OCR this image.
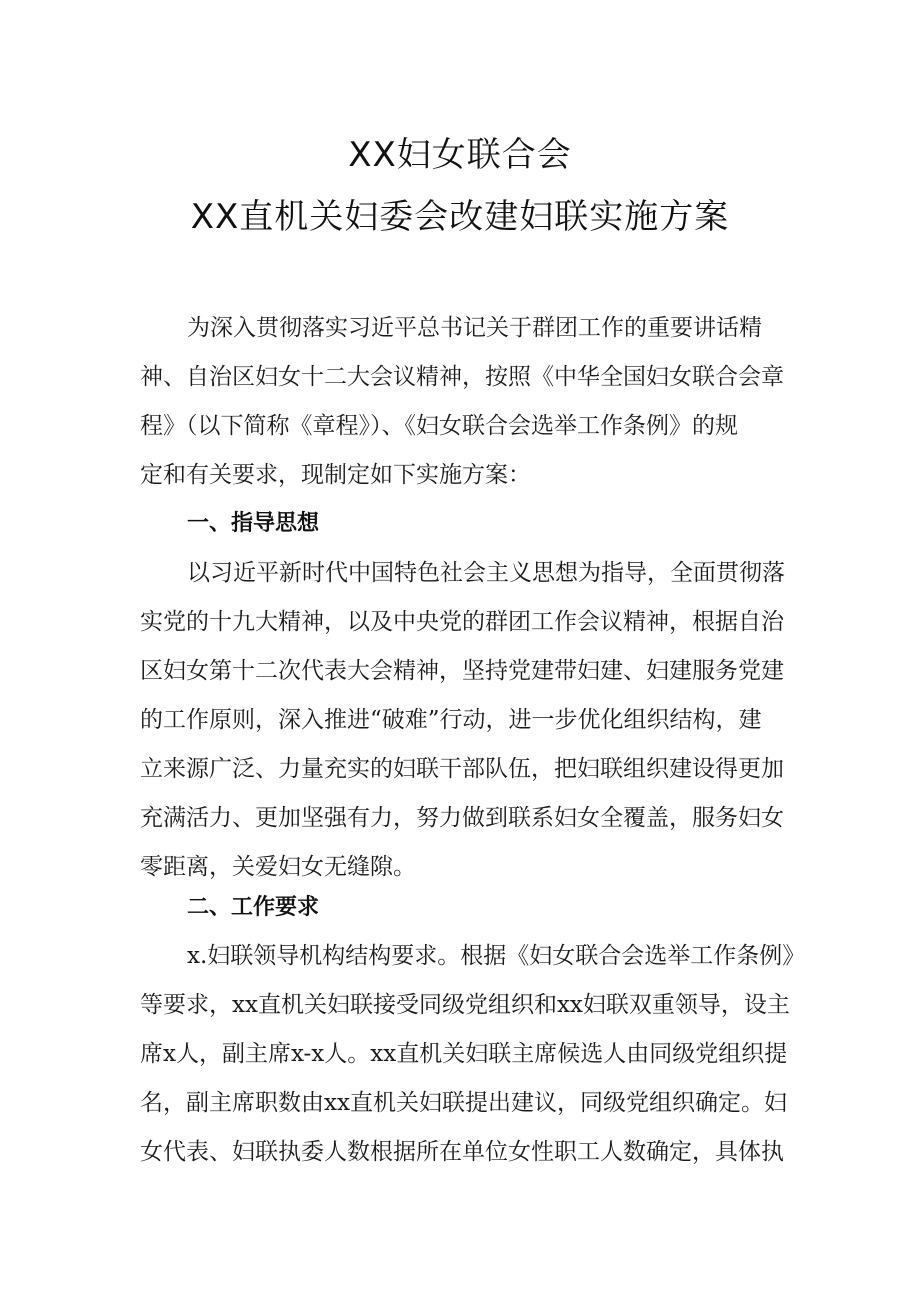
XX妇女联合会
XX直机关妇委会改建妇联实施方案
为深入贯彻落实习近平总书记关于群团工作的重要讲话精
神、自治区妇女十二大会议精神，按照《中华全国妇女联合会章
程》（以下简称《章程》）、《妇女联合会选举工作条例》的规
定和有关要求，现制定如下实施方案：
一、指导思想
以习近平新时代中国特色社会主义思想为指导，全面贯彻落
实党的十九大精神，以及中央党的群团工作会议精神，根据自治
区妇女第十二次代表大会精神，坚持党建带妇建、妇建服务党建
的工作原则，深入推进“破难”行动，进一步优化组织结构，建
立来源广泛、力量充实的妇联干部队伍，把妇联组织建设得更加
充满活力、更加坚强有力，努力做到联系妇女全覆盖，服务妇女
零距离，关爱妇女无缝隙。
二、工作要求
x.妇联领导机构结构要求。根据《妇女联合会选举工作条例》
等要求，xx直机关妇联接受同级党组织和xx妇联双重领导，设主
席x人，副主席x-x人。xx直机关妇联主席候选人由同级党组织提
名，副主席职数由xx直机关妇联提出建议，同级党组织确定。妇
女代表、妇联执委人数根据所在单位女性职工人数确定，具体执
